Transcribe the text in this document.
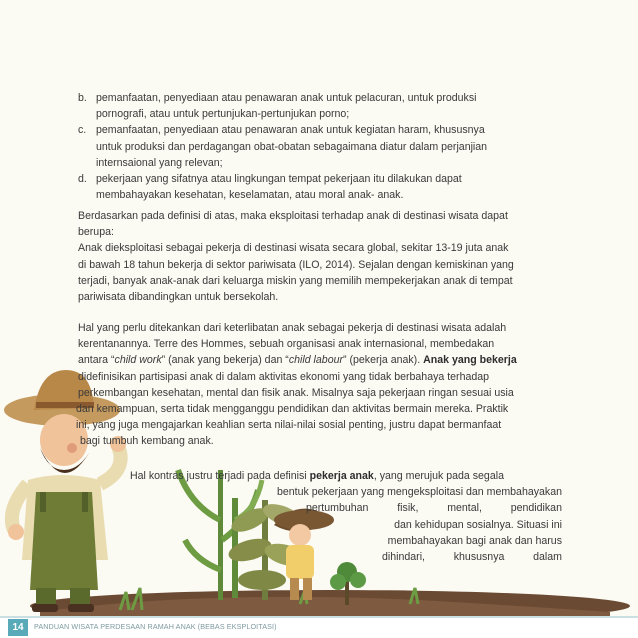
b. pemanfaatan, penyediaan atau penawaran anak untuk pelacuran, untuk produksi
pornografi, atau untuk pertunjukan-pertunjukan porno;
c. pemanfaatan, penyediaan atau penawaran anak untuk kegiatan haram, khususnya
untuk produksi dan perdagangan obat-obatan sebagaimana diatur dalam perjanjian
internsaional yang relevan;
d. pekerjaan yang sifatnya atau lingkungan tempat pekerjaan itu dilakukan dapat
membahayakan kesehatan, keselamatan, atau moral anak- anak.
Berdasarkan pada definisi di atas, maka eksploitasi terhadap anak di destinasi wisata dapat
berupa:
Anak dieksploitasi sebagai pekerja di destinasi wisata secara global, sekitar 13-19 juta anak
di bawah 18 tahun bekerja di sektor pariwisata (ILO, 2014). Sejalan dengan kemiskinan yang
terjadi, banyak anak-anak dari keluarga miskin yang memilih mempekerjakan anak di tempat
pariwisata dibandingkan untuk bersekolah.
Hal yang perlu ditekankan dari keterlibatan anak sebagai pekerja di destinasi wisata adalah
kerentanannya. Terre des Hommes, sebuah organisasi anak internasional, membedakan
antara “child work” (anak yang bekerja) dan “child labour” (pekerja anak). Anak yang bekerja
didefinisikan partisipasi anak di dalam aktivitas ekonomi yang tidak berbahaya terhadap
perkembangan kesehatan, mental dan fisik anak. Misalnya saja pekerjaan ringan sesuai usia
dan kemampuan, serta tidak mengganggu pendidikan dan aktivitas bermain mereka. Praktik
ini, yang juga mengajarkan keahlian serta nilai-nilai sosial penting, justru dapat bermanfaat
bagi tumbuh kembang anak.
Hal kontras justru terjadi pada definisi pekerja anak, yang merujuk pada segala
bentuk pekerjaan yang mengeksploitasi dan membahayakan
pertumbuhan	fisik,	mental,	pendidikan
dan kehidupan sosialnya. Situasi ini
membahayakan bagi anak dan harus
dihindari,	khususnya	dalam
14	PANDUAN WISATA PERDESAAN RAMAH ANAK (BEBAS EKSPLOITASI)
